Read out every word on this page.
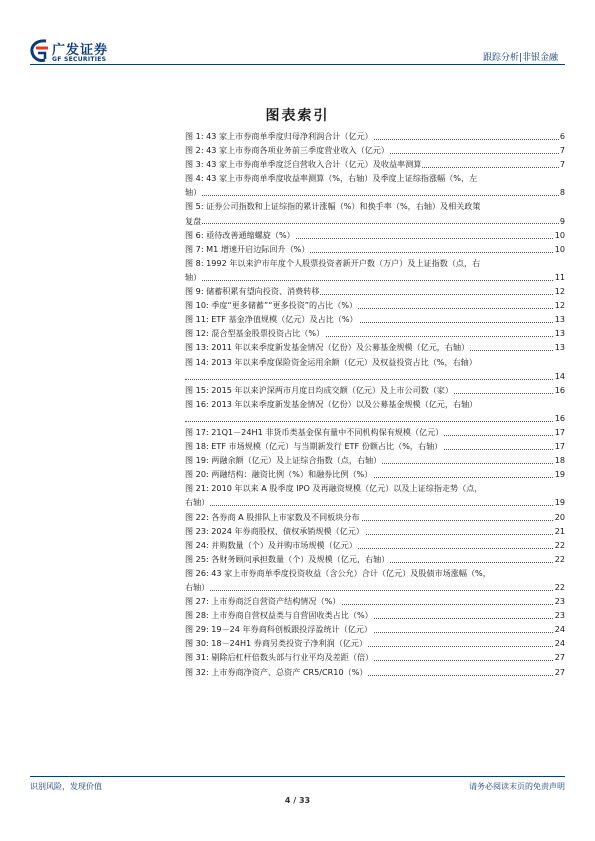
广发证券
GF SECURITIES	跟踪分析|非银金融
图表索引
图 1: 43 家上市券商单季度归母净利润合计（亿元）	6
图 2: 43 家上市券商各项业务前三季度营业收入（亿元）	7
图 3: 43 家上市券商单季度泛自营收入合计（亿元）及收益率测算	7
图 4: 43 家上市券商单季度收益率测算（%，右轴）及季度上证综指涨幅（%，左
轴）	8
图 5: 证券公司指数和上证综指的累计涨幅（%）和换手率（%，右轴）及相关政策
复盘	9
图 6: 亟待改善通缩螺旋（%）	10
图 7: M1 增速开启边际回升（%）	10
图 8: 1992 年以来沪市年度个人股票投资者新开户数（万户）及上证指数（点，右
轴）	11
图 9: 储蓄积累有望向投资、消费转移	12
图 10: 季度“更多储蓄”“更多投资”的占比（%）	12
图 11: ETF 基金净值规模（亿元）及占比（%）	13
图 12: 混合型基金股票投资占比（%）	13
图 13: 2011 年以来季度新发基金情况（亿份）及公募基金规模（亿元，右轴）	13
图 14: 2013 年以来季度保险资金运用余额（亿元）及权益投资占比（%，右轴）
14
图 15: 2015 年以来沪深两市月度日均成交额（亿元）及上市公司数（家）	16
图 16: 2013 年以来季度新发基金情况（亿份）以及公募基金规模（亿元，右轴）
16
图 17: 21Q1－24H1 非货币类基金保有量中不同机构保有规模（亿元）	17
图 18: ETF 市场规模（亿元）与当期新发行 ETF 份额占比（%，右轴）	17
图 19: 两融余额（亿元）及上证综合指数（点，右轴）	18
图 20: 两融结构：融资比例（%）和融券比例（%）	19
图 21: 2010 年以来 A 股季度 IPO 及再融资规模（亿元）以及上证综指走势（点，
右轴）	19
图 22: 各券商 A 股排队上市家数及不同板块分布	20
图 23: 2024 年券商股权、债权承销规模（亿元）	21
图 24: 并购数量（个）及并购市场规模（亿元）	22
图 25: 各财务顾问承担数量（个）及规模（亿元，右轴）	22
图 26: 43 家上市券商单季度投资收益（含公允）合计（亿元）及股债市场涨幅（%，
右轴）	22
图 27: 上市券商泛自营资产结构情况（%）	23
图 28: 上市券商自营权益类与自营固收类占比（%）	23
图 29: 19－24 年券商科创板跟投浮盈统计（亿元）	24
图 30: 18－24H1 券商另类投资子净利润（亿元）	24
图 31: 剔除后杠杆倍数头部与行业平均及差距（倍）	27
图 32: 上市券商净资产、总资产 CR5/CR10（%）	27
识别风险，发现价值	请务必阅读末页的免责声明
4 / 33
